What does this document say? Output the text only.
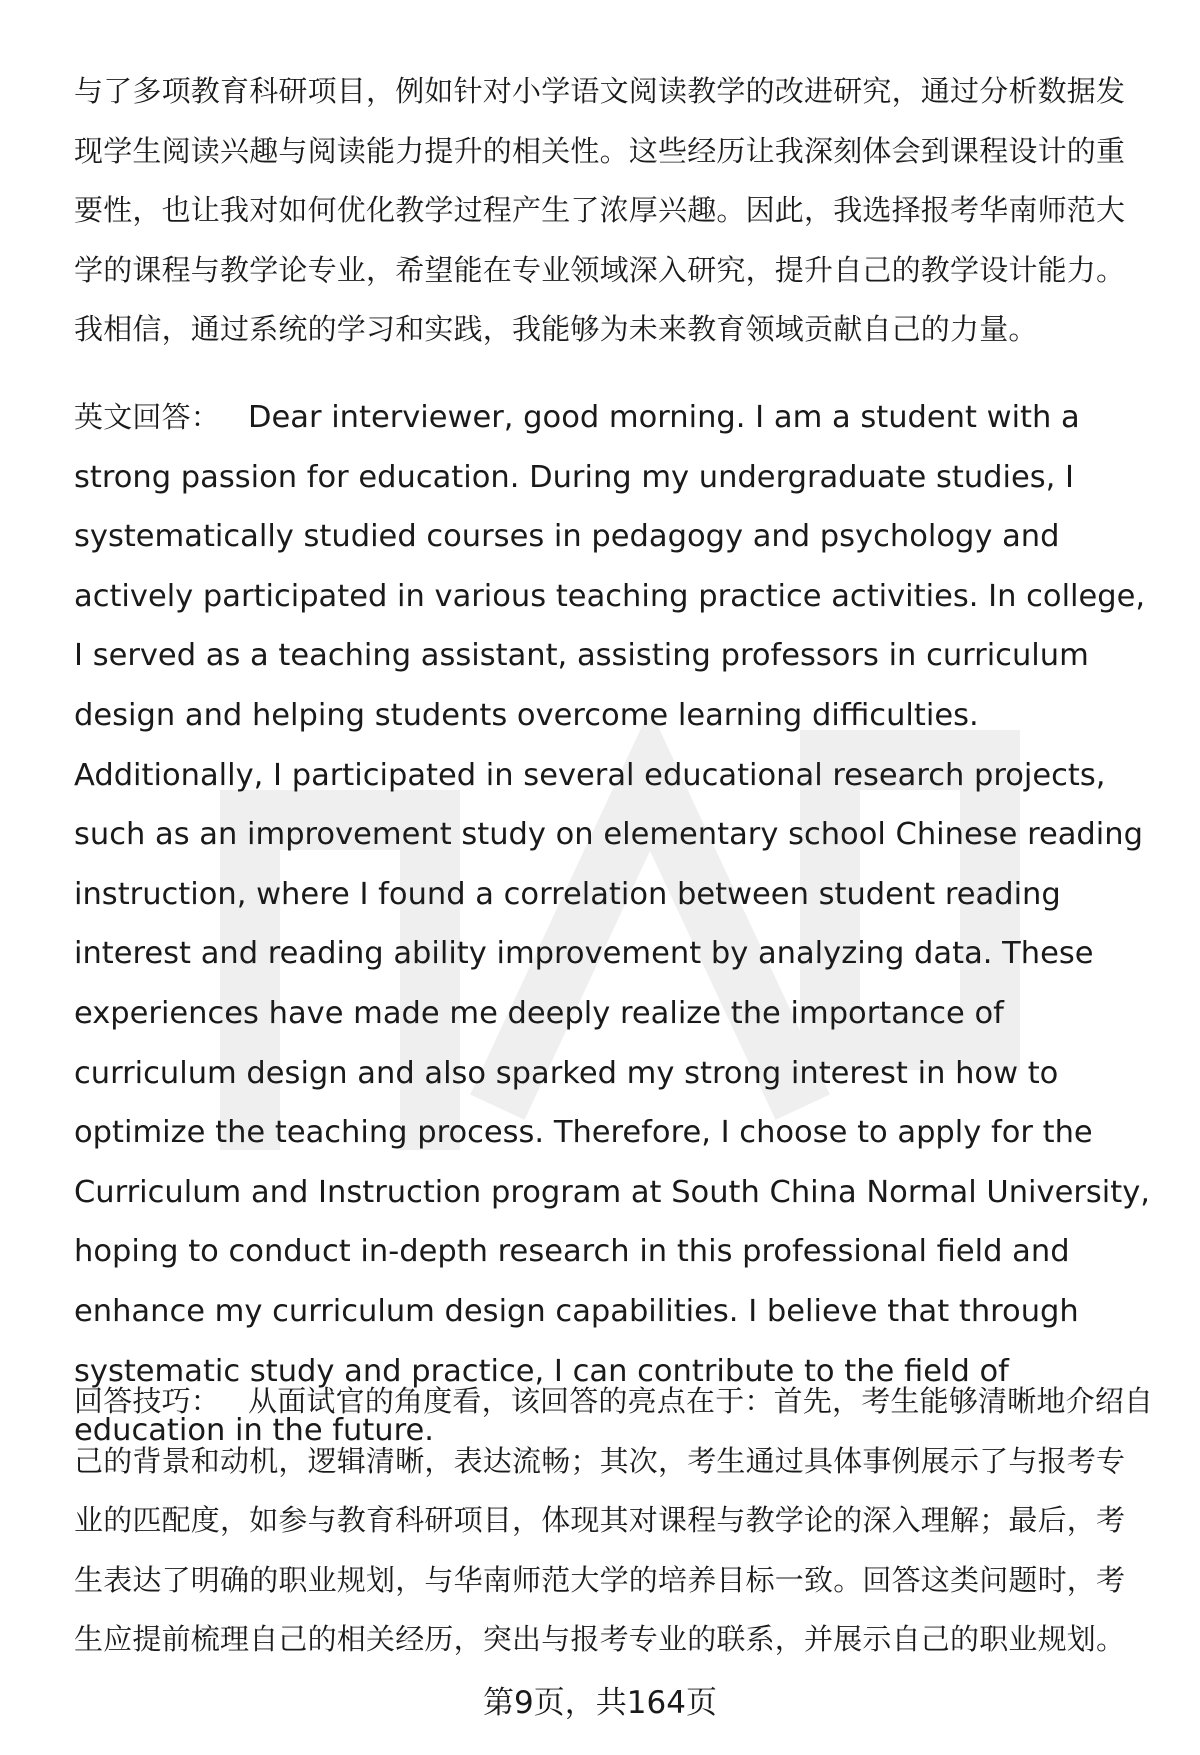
与了多项教育科研项目，例如针对小学语文阅读教学的改进研究，通过分析数据发现学生阅读兴趣与阅读能力提升的相关性。这些经历让我深刻体会到课程设计的重要性，也让我对如何优化教学过程产生了浓厚兴趣。因此，我选择报考华南师范大学的课程与教学论专业，希望能在专业领域深入研究，提升自己的教学设计能力。我相信，通过系统的学习和实践，我能够为未来教育领域贡献自己的力量。

英文回答： Dear interviewer, good morning. I am a student with a strong passion for education. During my undergraduate studies, I systematically studied courses in pedagogy and psychology and actively participated in various teaching practice activities. In college, I served as a teaching assistant, assisting professors in curriculum design and helping students overcome learning difficulties. Additionally, I participated in several educational research projects, such as an improvement study on elementary school Chinese reading instruction, where I found a correlation between student reading interest and reading ability improvement by analyzing data. These experiences have made me deeply realize the importance of curriculum design and also sparked my strong interest in how to optimize the teaching process. Therefore, I choose to apply for the Curriculum and Instruction program at South China Normal University, hoping to conduct in-depth research in this professional field and enhance my curriculum design capabilities. I believe that through systematic study and practice, I can contribute to the field of education in the future.

回答技巧： 从面试官的角度看，该回答的亮点在于：首先，考生能够清晰地介绍自己的背景和动机，逻辑清晰，表达流畅；其次，考生通过具体事例展示了与报考专业的匹配度，如参与教育科研项目，体现其对课程与教学论的深入理解；最后，考生表达了明确的职业规划，与华南师范大学的培养目标一致。回答这类问题时，考生应提前梳理自己的相关经历，突出与报考专业的联系，并展示自己的职业规划。

第9页，共164页
